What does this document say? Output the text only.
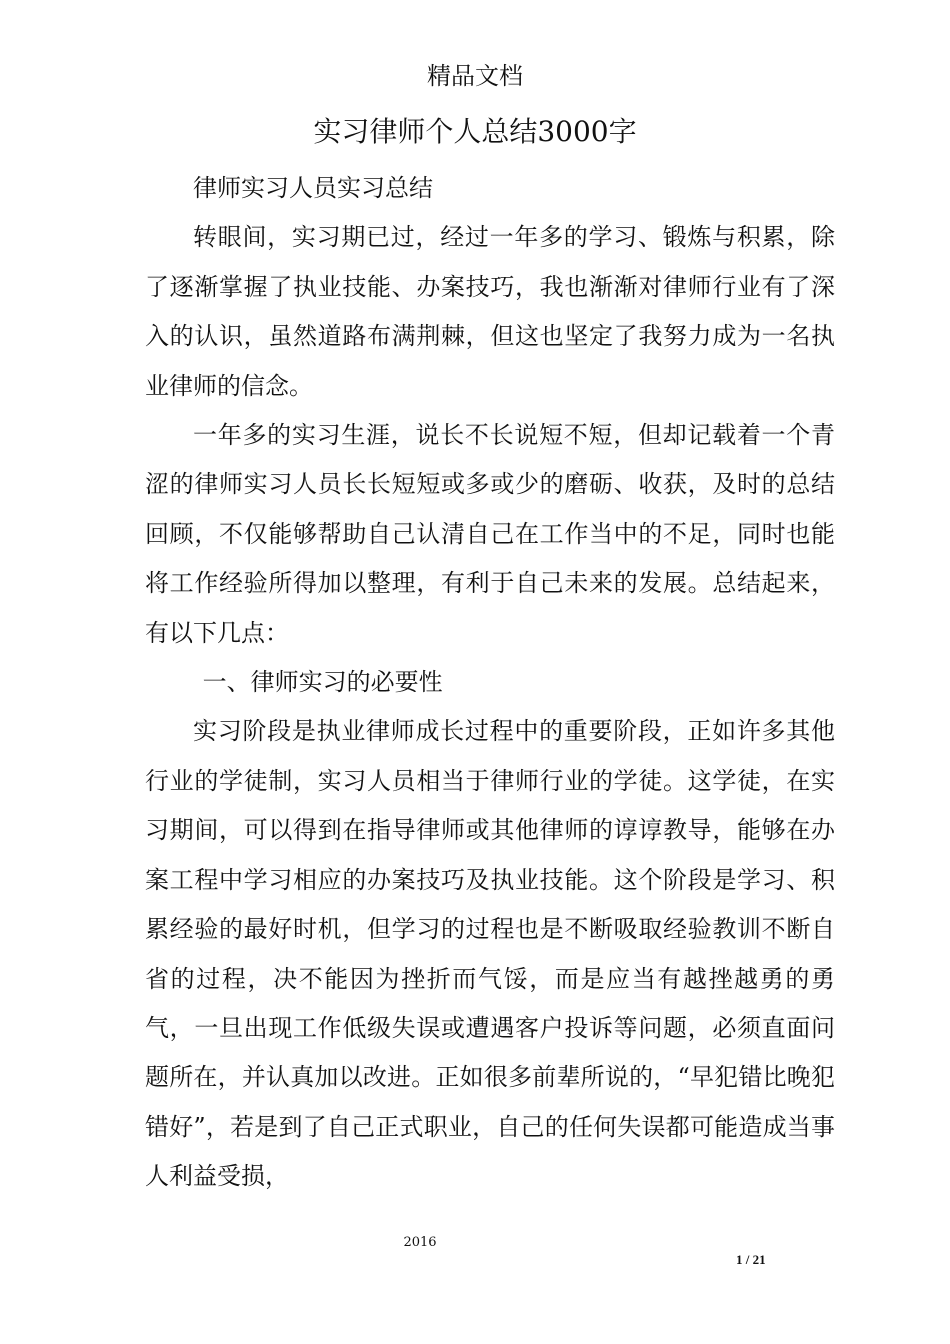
精品文档
实习律师个人总结3000字

律师实习人员实习总结

转眼间，实习期已过，经过一年多的学习、锻炼与积累，除了逐渐掌握了执业技能、办案技巧，我也渐渐对律师行业有了深入的认识，虽然道路布满荆棘，但这也坚定了我努力成为一名执业律师的信念。

一年多的实习生涯，说长不长说短不短，但却记载着一个青涩的律师实习人员长长短短或多或少的磨砺、收获，及时的总结回顾，不仅能够帮助自己认清自己在工作当中的不足，同时也能将工作经验所得加以整理，有利于自己未来的发展。总结起来，有以下几点：

一、律师实习的必要性

实习阶段是执业律师成长过程中的重要阶段，正如许多其他行业的学徒制，实习人员相当于律师行业的学徒。这学徒，在实习期间，可以得到在指导律师或其他律师的谆谆教导，能够在办案工程中学习相应的办案技巧及执业技能。这个阶段是学习、积累经验的最好时机，但学习的过程也是不断吸取经验教训不断自省的过程，决不能因为挫折而气馁，而是应当有越挫越勇的勇气，一旦出现工作低级失误或遭遇客户投诉等问题，必须直面问题所在，并认真加以改进。正如很多前辈所说的，“早犯错比晚犯错好”，若是到了自己正式职业，自己的任何失误都可能造成当事人利益受损，

2016
1 / 21
